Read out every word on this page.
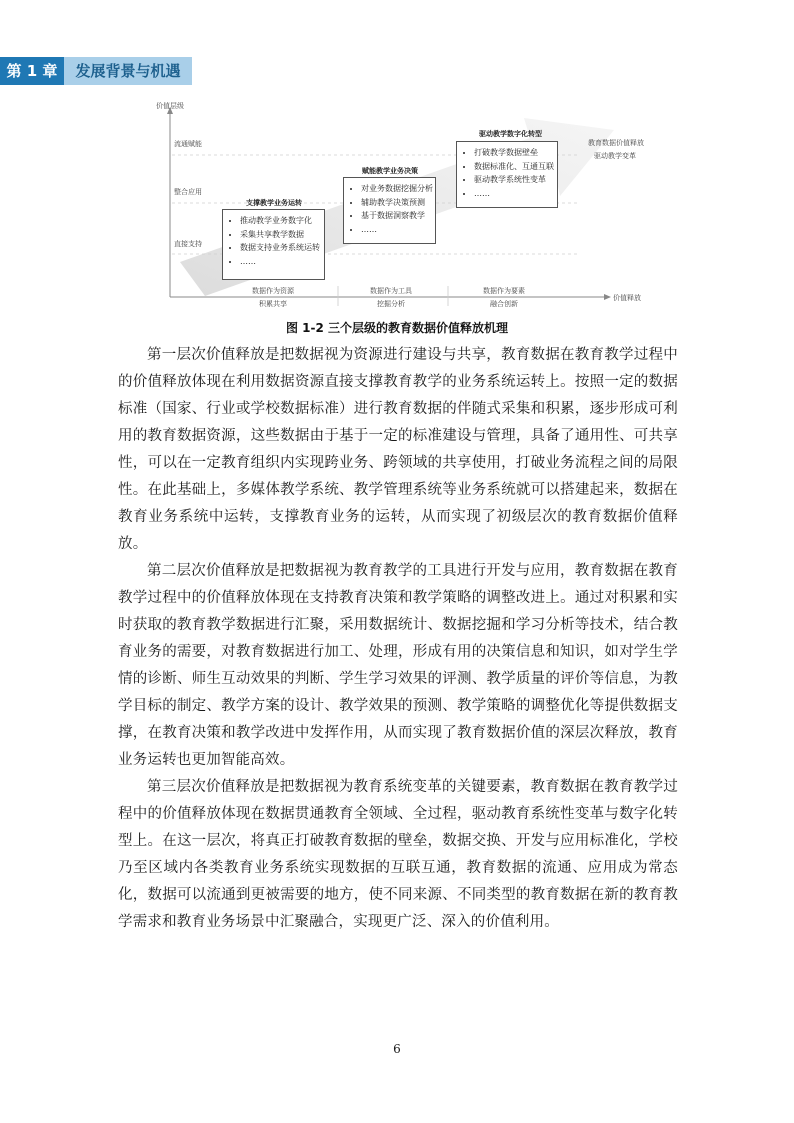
第 1 章	发展背景与机遇
价值层级
流通赋能
整合应用
直接支持
价值释放
支撑教学业务运转
• 推动教学业务数字化
• 采集共享教学数据
• 数据支持业务系统运转
• ……
赋能教学业务决策
• 对业务数据挖掘分析
• 辅助教学决策预测
• 基于数据洞察教学
• ……
驱动教学数字化转型
• 打破教学数据壁垒
• 数据标准化、互通互联
• 驱动教学系统性变革
• ……
教育数据价值释放
驱动教学变革
数据作为资源
积累共享
数据作为工具
挖掘分析
数据作为要素
融合创新
图 1-2 三个层级的教育数据价值释放机理

第一层次价值释放是把数据视为资源进行建设与共享，教育数据在教育教学过程中的价值释放体现在利用数据资源直接支撑教育教学的业务系统运转上。按照一定的数据标准（国家、行业或学校数据标准）进行教育数据的伴随式采集和积累，逐步形成可利用的教育数据资源，这些数据由于基于一定的标准建设与管理，具备了通用性、可共享性，可以在一定教育组织内实现跨业务、跨领域的共享使用，打破业务流程之间的局限性。在此基础上，多媒体教学系统、教学管理系统等业务系统就可以搭建起来，数据在教育业务系统中运转，支撑教育业务的运转，从而实现了初级层次的教育数据价值释放。

第二层次价值释放是把数据视为教育教学的工具进行开发与应用，教育数据在教育教学过程中的价值释放体现在支持教育决策和教学策略的调整改进上。通过对积累和实时获取的教育教学数据进行汇聚，采用数据统计、数据挖掘和学习分析等技术，结合教育业务的需要，对教育数据进行加工、处理，形成有用的决策信息和知识，如对学生学情的诊断、师生互动效果的判断、学生学习效果的评测、教学质量的评价等信息，为教学目标的制定、教学方案的设计、教学效果的预测、教学策略的调整优化等提供数据支撑，在教育决策和教学改进中发挥作用，从而实现了教育数据价值的深层次释放，教育业务运转也更加智能高效。

第三层次价值释放是把数据视为教育系统变革的关键要素，教育数据在教育教学过程中的价值释放体现在数据贯通教育全领域、全过程，驱动教育系统性变革与数字化转型上。在这一层次，将真正打破教育数据的壁垒，数据交换、开发与应用标准化，学校乃至区域内各类教育业务系统实现数据的互联互通，教育数据的流通、应用成为常态化，数据可以流通到更被需要的地方，使不同来源、不同类型的教育数据在新的教育教学需求和教育业务场景中汇聚融合，实现更广泛、深入的价值利用。

6
